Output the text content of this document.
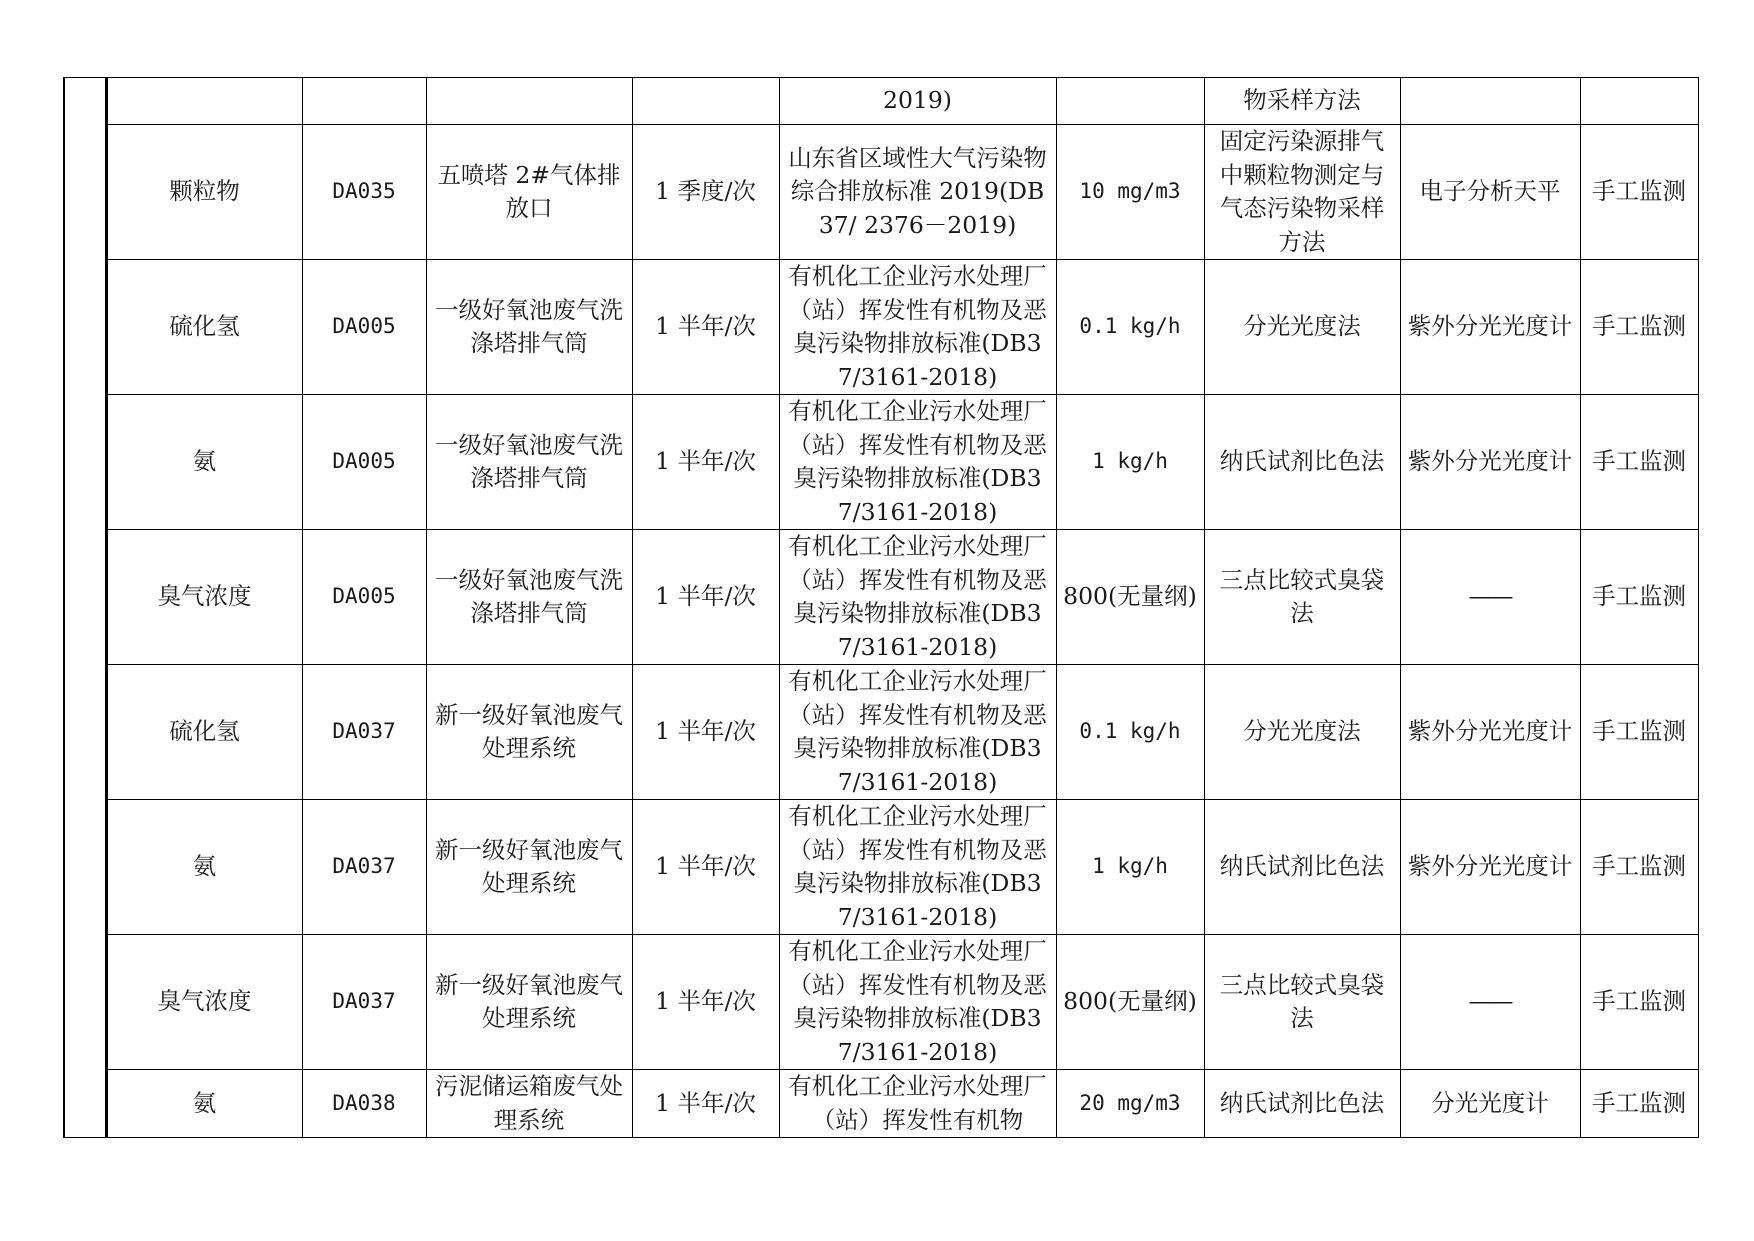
					2019)		物采样方法		
	颗粒物	DA035	五喷塔 2#气体排放口	1 季度/次	山东省区域性大气污染物综合排放标准 2019(DB37/ 2376－2019)	10 mg/m3	固定污染源排气中颗粒物测定与气态污染物采样方法	电子分析天平	手工监测
	硫化氢	DA005	一级好氧池废气洗涤塔排气筒	1 半年/次	有机化工企业污水处理厂（站）挥发性有机物及恶臭污染物排放标准(DB37/3161-2018)	0.1 kg/h	分光光度法	紫外分光光度计	手工监测
	氨	DA005	一级好氧池废气洗涤塔排气筒	1 半年/次	有机化工企业污水处理厂（站）挥发性有机物及恶臭污染物排放标准(DB37/3161-2018)	1 kg/h	纳氏试剂比色法	紫外分光光度计	手工监测
	臭气浓度	DA005	一级好氧池废气洗涤塔排气筒	1 半年/次	有机化工企业污水处理厂（站）挥发性有机物及恶臭污染物排放标准(DB37/3161-2018)	800(无量纲)	三点比较式臭袋法	——	手工监测
	硫化氢	DA037	新一级好氧池废气处理系统	1 半年/次	有机化工企业污水处理厂（站）挥发性有机物及恶臭污染物排放标准(DB37/3161-2018)	0.1 kg/h	分光光度法	紫外分光光度计	手工监测
	氨	DA037	新一级好氧池废气处理系统	1 半年/次	有机化工企业污水处理厂（站）挥发性有机物及恶臭污染物排放标准(DB37/3161-2018)	1 kg/h	纳氏试剂比色法	紫外分光光度计	手工监测
	臭气浓度	DA037	新一级好氧池废气处理系统	1 半年/次	有机化工企业污水处理厂（站）挥发性有机物及恶臭污染物排放标准(DB37/3161-2018)	800(无量纲)	三点比较式臭袋法	——	手工监测
	氨	DA038	污泥储运箱废气处理系统	1 半年/次	有机化工企业污水处理厂（站）挥发性有机物	20 mg/m3	纳氏试剂比色法	分光光度计	手工监测
